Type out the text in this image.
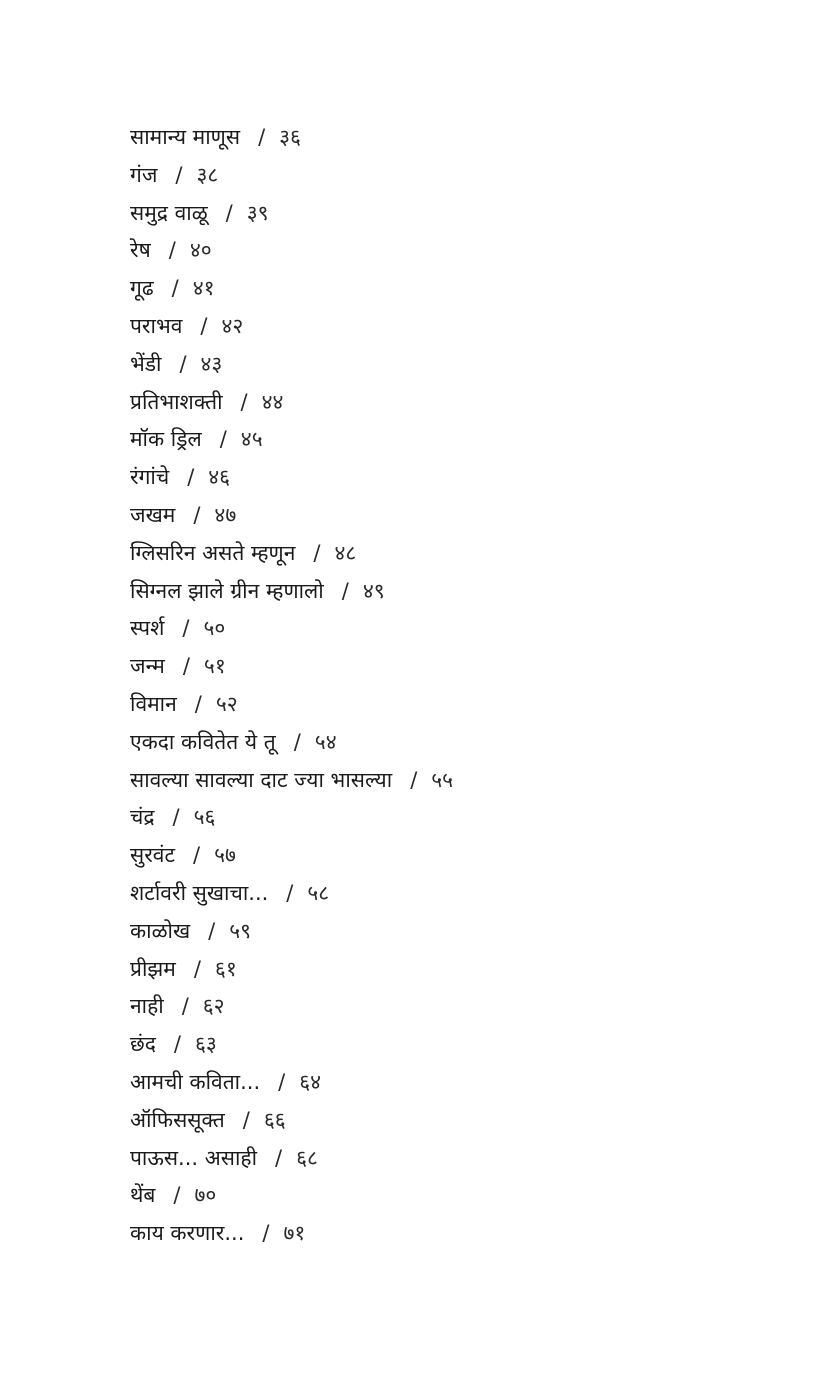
सामान्य माणूस / ३६
गंज / ३८
समुद्र वाळू / ३९
रेष / ४०
गूढ / ४१
पराभव / ४२
भेंडी / ४३
प्रतिभाशक्ती / ४४
मॉक ड्रिल / ४५
रंगांचे / ४६
जखम / ४७
ग्लिसरिन असते म्हणून / ४८
सिग्नल झाले ग्रीन म्हणालो / ४९
स्पर्श / ५०
जन्म / ५१
विमान / ५२
एकदा कवितेत ये तू / ५४
सावल्या सावल्या दाट ज्या भासल्या / ५५
चंद्र / ५६
सुरवंट / ५७
शर्टावरी सुखाचा... / ५८
काळोख / ५९
प्रीझम / ६१
नाही / ६२
छंद / ६३
आमची कविता... / ६४
ऑफिससूक्त / ६६
पाऊस... असाही / ६८
थेंब / ७०
काय करणार... / ७१
